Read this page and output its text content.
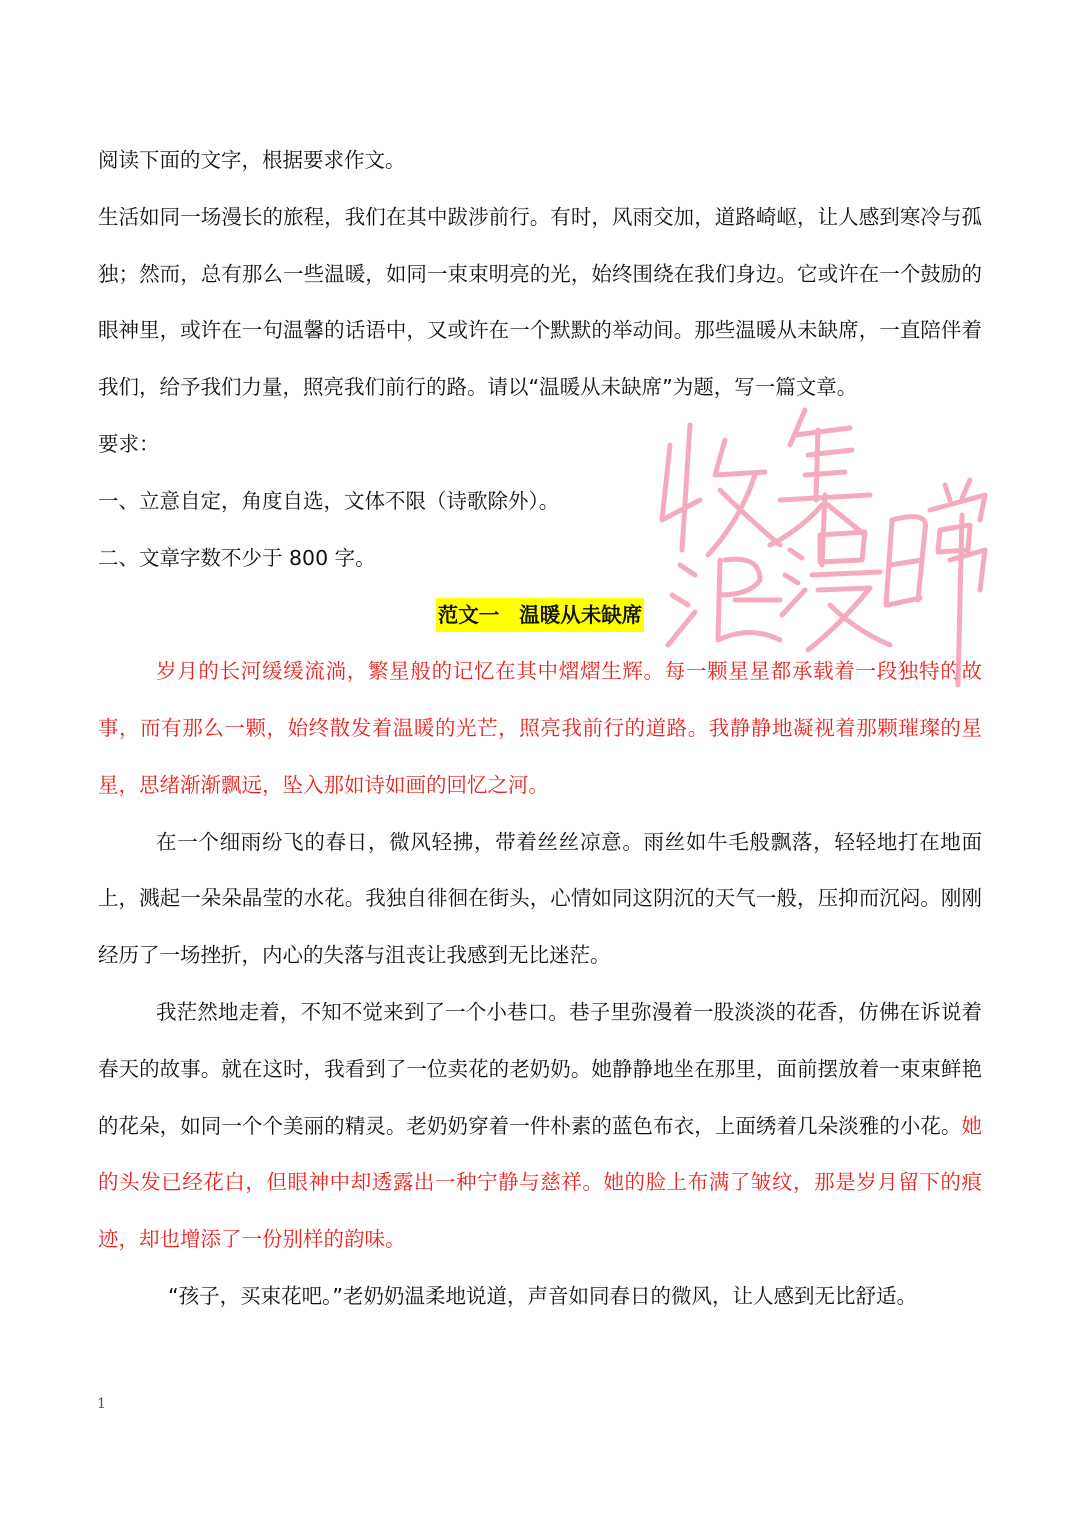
阅读下面的文字，根据要求作文。

生活如同一场漫长的旅程，我们在其中跋涉前行。有时，风雨交加，道路崎岖，让人感到寒冷与孤独；然而，总有那么一些温暖，如同一束束明亮的光，始终围绕在我们身边。它或许在一个鼓励的眼神里，或许在一句温馨的话语中，又或许在一个默默的举动间。那些温暖从未缺席，一直陪伴着我们，给予我们力量，照亮我们前行的路。请以“温暖从未缺席”为题，写一篇文章。

要求：
一、立意自定，角度自选，文体不限（诗歌除外）。
二、文章字数不少于 800 字。
范文一 温暖从未缺席

岁月的长河缓缓流淌，繁星般的记忆在其中熠熠生辉。每一颗星星都承载着一段独特的故事，而有那么一颗，始终散发着温暖的光芒，照亮我前行的道路。我静静地凝视着那颗璀璨的星星，思绪渐渐飘远，坠入那如诗如画的回忆之河。

在一个细雨纷飞的春日，微风轻拂，带着丝丝凉意。雨丝如牛毛般飘落，轻轻地打在地面上，溅起一朵朵晶莹的水花。我独自徘徊在街头，心情如同这阴沉的天气一般，压抑而沉闷。刚刚经历了一场挫折，内心的失落与沮丧让我感到无比迷茫。

我茫然地走着，不知不觉来到了一个小巷口。巷子里弥漫着一股淡淡的花香，仿佛在诉说着春天的故事。就在这时，我看到了一位卖花的老奶奶。她静静地坐在那里，面前摆放着一束束鲜艳的花朵，如同一个个美丽的精灵。老奶奶穿着一件朴素的蓝色布衣，上面绣着几朵淡雅的小花。她的头发已经花白，但眼神中却透露出一种宁静与慈祥。她的脸上布满了皱纹，那是岁月留下的痕迹，却也增添了一份别样的韵味。

“孩子，买束花吧。”老奶奶温柔地说道，声音如同春日的微风，让人感到无比舒适。

1
